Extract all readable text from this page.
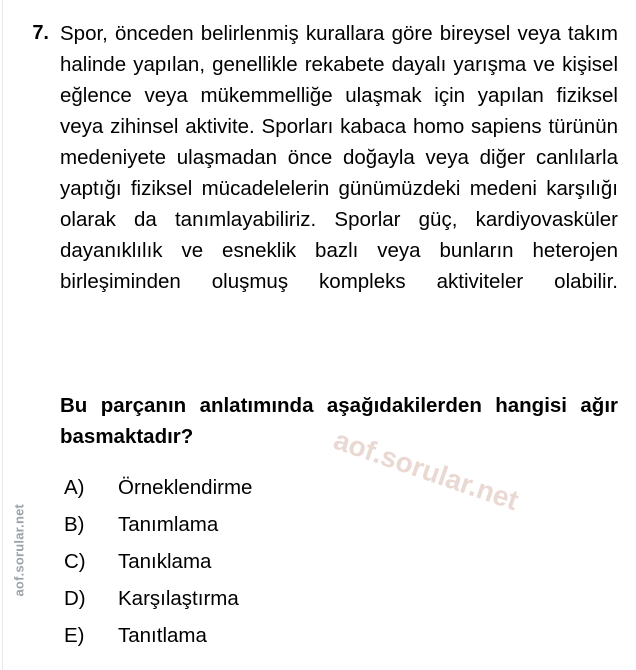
7. Spor, önceden belirlenmiş kurallara göre bireysel veya takım halinde yapılan, genellikle rekabete dayalı yarışma ve kişisel eğlence veya mükemmelliğe ulaşmak için yapılan fiziksel veya zihinsel aktivite. Sporları kabaca homo sapiens türünün medeniyete ulaşmadan önce doğayla veya diğer canlılarla yaptığı fiziksel mücadelelerin günümüzdeki medeni karşılığı olarak da tanımlayabiliriz. Sporlar güç, kardiyovasküler dayanıklılık ve esneklik bazlı veya bunların heterojen birleşiminden oluşmuş kompleks aktiviteler olabilir.
Bu parçanın anlatımında aşağıdakilerden hangisi ağır basmaktadır?
A)	Örneklendirme
B)	Tanımlama
C)	Tanıklama
D)	Karşılaştırma
E)	Tanıtlama
aof.sorular.net
aof.sorular.net
